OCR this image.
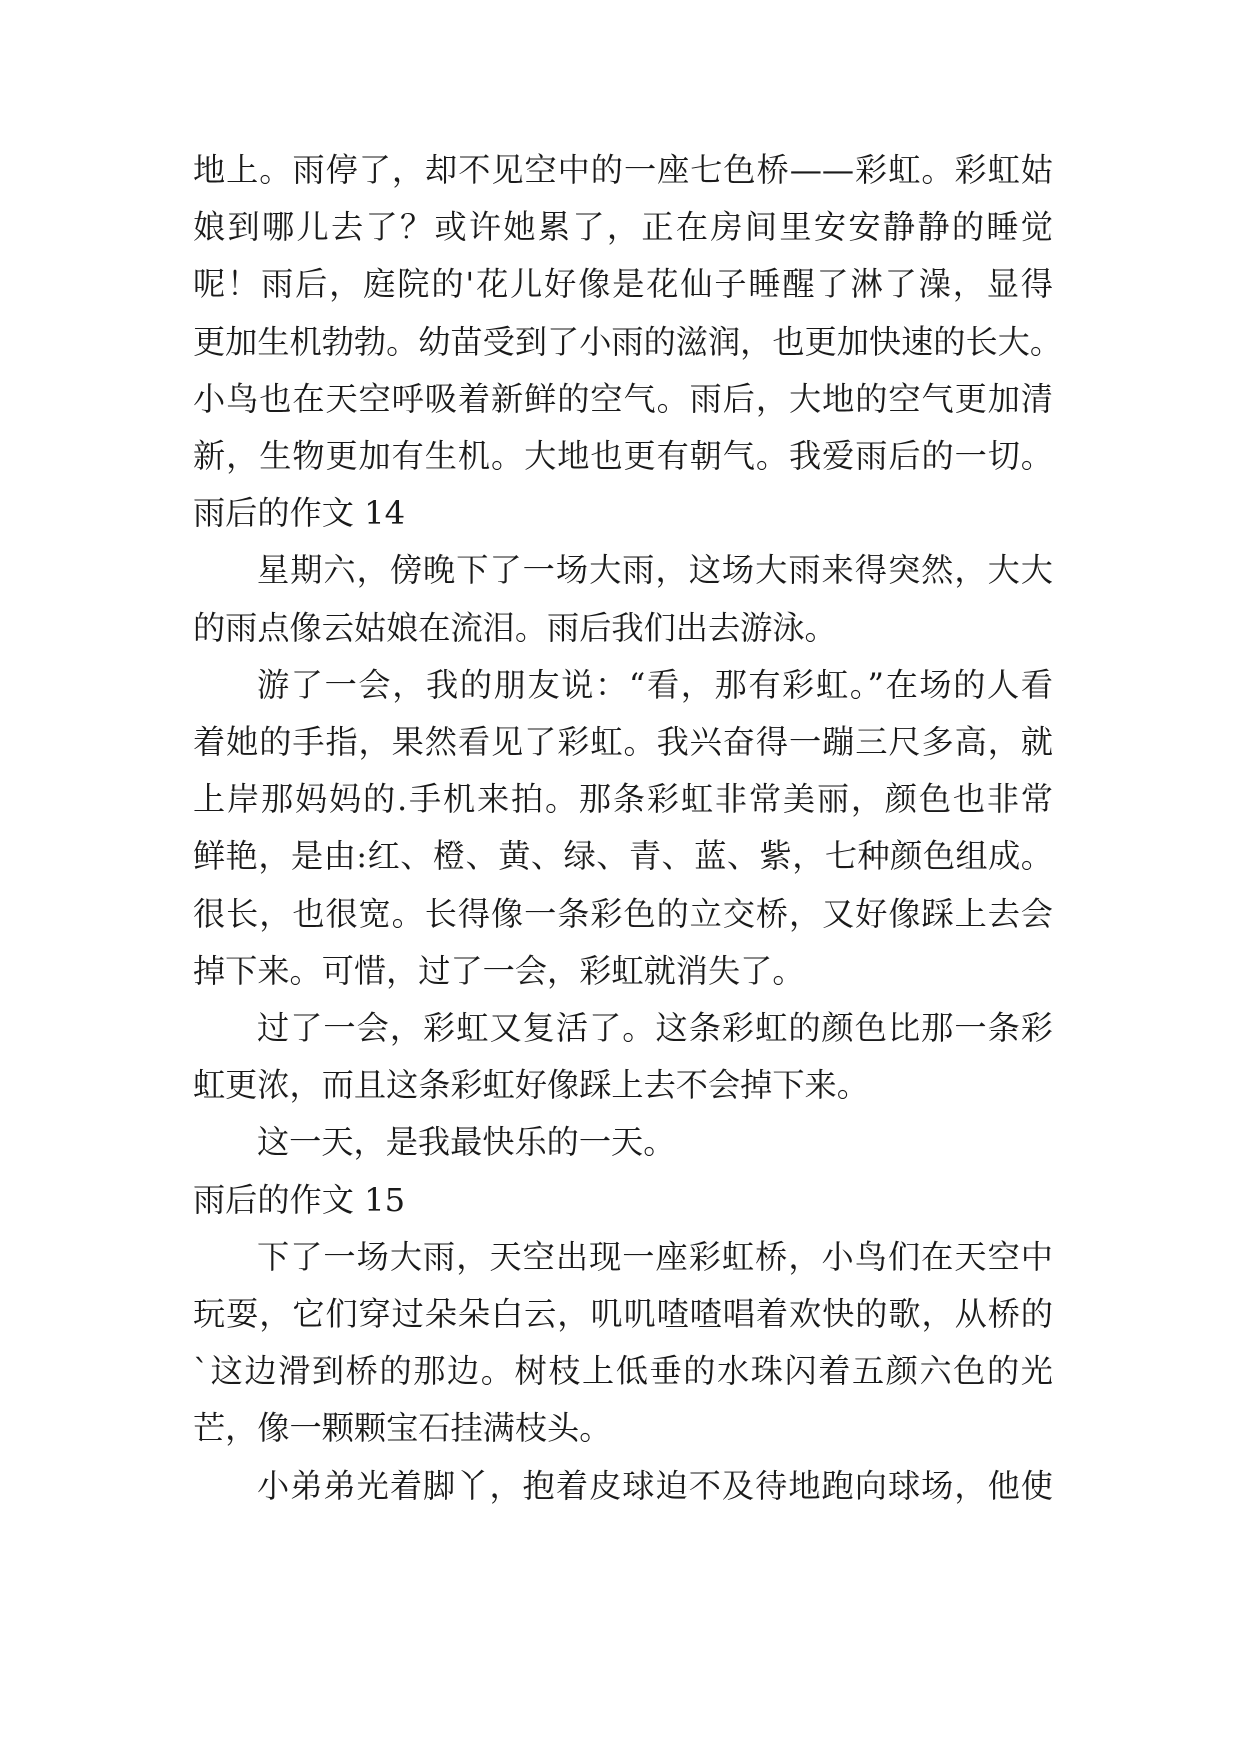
地上。雨停了，却不见空中的一座七色桥——彩虹。彩虹姑
娘到哪儿去了？或许她累了，正在房间里安安静静的睡觉
呢！雨后，庭院的'花儿好像是花仙子睡醒了淋了澡，显得
更加生机勃勃。幼苗受到了小雨的滋润，也更加快速的长大。
小鸟也在天空呼吸着新鲜的空气。雨后，大地的空气更加清
新，生物更加有生机。大地也更有朝气。我爱雨后的一切。
雨后的作文 14
星期六，傍晚下了一场大雨，这场大雨来得突然，大大
的雨点像云姑娘在流泪。雨后我们出去游泳。
游了一会，我的朋友说：“看，那有彩虹。”在场的人看
着她的手指，果然看见了彩虹。我兴奋得一蹦三尺多高，就
上岸那妈妈的.手机来拍。那条彩虹非常美丽，颜色也非常
鲜艳，是由:红、橙、黄、绿、青、蓝、紫，七种颜色组成。
很长，也很宽。长得像一条彩色的立交桥，又好像踩上去会
掉下来。可惜，过了一会，彩虹就消失了。
过了一会，彩虹又复活了。这条彩虹的颜色比那一条彩
虹更浓，而且这条彩虹好像踩上去不会掉下来。
这一天，是我最快乐的一天。
雨后的作文 15
下了一场大雨，天空出现一座彩虹桥，小鸟们在天空中
玩耍，它们穿过朵朵白云，叽叽喳喳唱着欢快的歌，从桥的
`这边滑到桥的那边。树枝上低垂的水珠闪着五颜六色的光
芒，像一颗颗宝石挂满枝头。
小弟弟光着脚丫，抱着皮球迫不及待地跑向球场，他使
